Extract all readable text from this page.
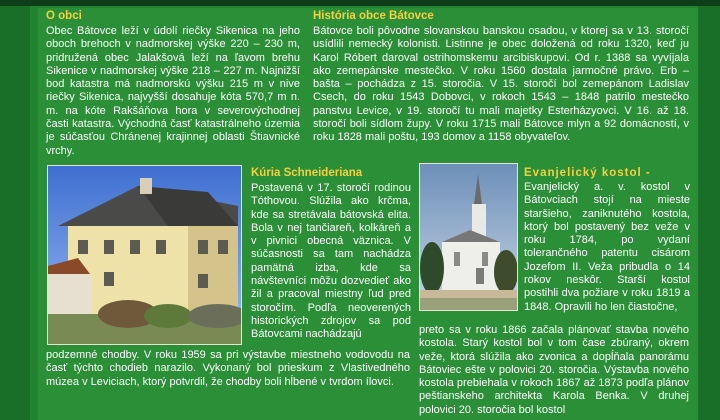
O obci
Obec Bátovce leží v údolí riečky Sikenica na jeho oboch brehoch v nadmorskej výške 220 – 230 m, pridružená obec Jalakšová leží na ľavom brehu Sikenice v nadmorskej výške 218 – 227 m. Najnižší bod katastra má nadmorskú výšku 215 m v nive riečky Sikenica, najvyšší dosahuje kóta 570,7 m n. m. na kóte Rakšáňova hora v severovýchodnej časti katastra. Východná časť katastrálneho územia je súčasťou Chránenej krajinnej oblasti Štiavnické vrchy.
História obce Bátovce
Bátovce boli pôvodne slovanskou banskou osadou, v ktorej sa v 13. storočí usídlili nemecký kolonisti. Listinne je obec doložená od roku 1320, keď ju Karol Róbert daroval ostrihomskemu arcibiskupovi. Od r. 1388 sa vyvíjala ako zemepánske mestečko. V roku 1560 dostala jarmočné právo. Erb – bašta – pochádza z 15. storočia. V 15. storočí bol zemepánom Ladislav Csech, do roku 1543 Dobovci, v rokoch 1543 – 1848 patrilo mestečko panstvu Levice, v 19. storočí tu mali majetky Esterházyovci. V 16. až 18. storočí boli sídlom župy. V roku 1715 mali Bátovce mlyn a 92 domácností, v roku 1828 mali poštu, 193 domov a 1158 obyvateľov.
Kúria Schneideriana
Postavená v 17. storočí rodinou Tóthovou. Slúžila ako krčma, kde sa stretávala bátovská elita. Bola v nej tančiareň, kolkáreň a v pivnici obecná väznica. V súčasnosti sa tam nachádza pamätná izba, kde sa návštevníci môžu dozvedieť ako žil a pracoval miestny ľud pred storočím. Podľa neoverených historických zdrojov sa pod Bátovcami nachádzajú
podzemné chodby. V roku 1959 sa pri výstavbe miestneho vodovodu na časť týchto chodieb narazilo. Vykonaný bol prieskum z Vlastivedného múzea v Leviciach, ktorý potvrdil, že chodby boli hĺbené v tvrdom ílovci.
Evanjelický kostol -
Evanjelický a. v. kostol v Bátovciach stojí na mieste staršieho, zaniknutého kostola, ktorý bol postavený bez veže v roku 1784, po vydaní tolerančného patentu cisárom Jozefom II. Veža pribudla o 14 rokov neskôr. Starší kostol postihli dva požiare v roku 1819 a 1848. Opravili ho len čiastočne,
preto sa v roku 1866 začala plánovať stavba nového kostola. Starý kostol bol v tom čase zbúraný, okrem veže, ktorá slúžila ako zvonica a dopĺňala panorámu Bátoviec ešte v polovici 20. storočia. Výstavba nového kostola prebiehala v rokoch 1867 až 1873 podľa plánov peštianskeho architekta Karola Benka. V druhej polovici 20. storočia bol kostol
